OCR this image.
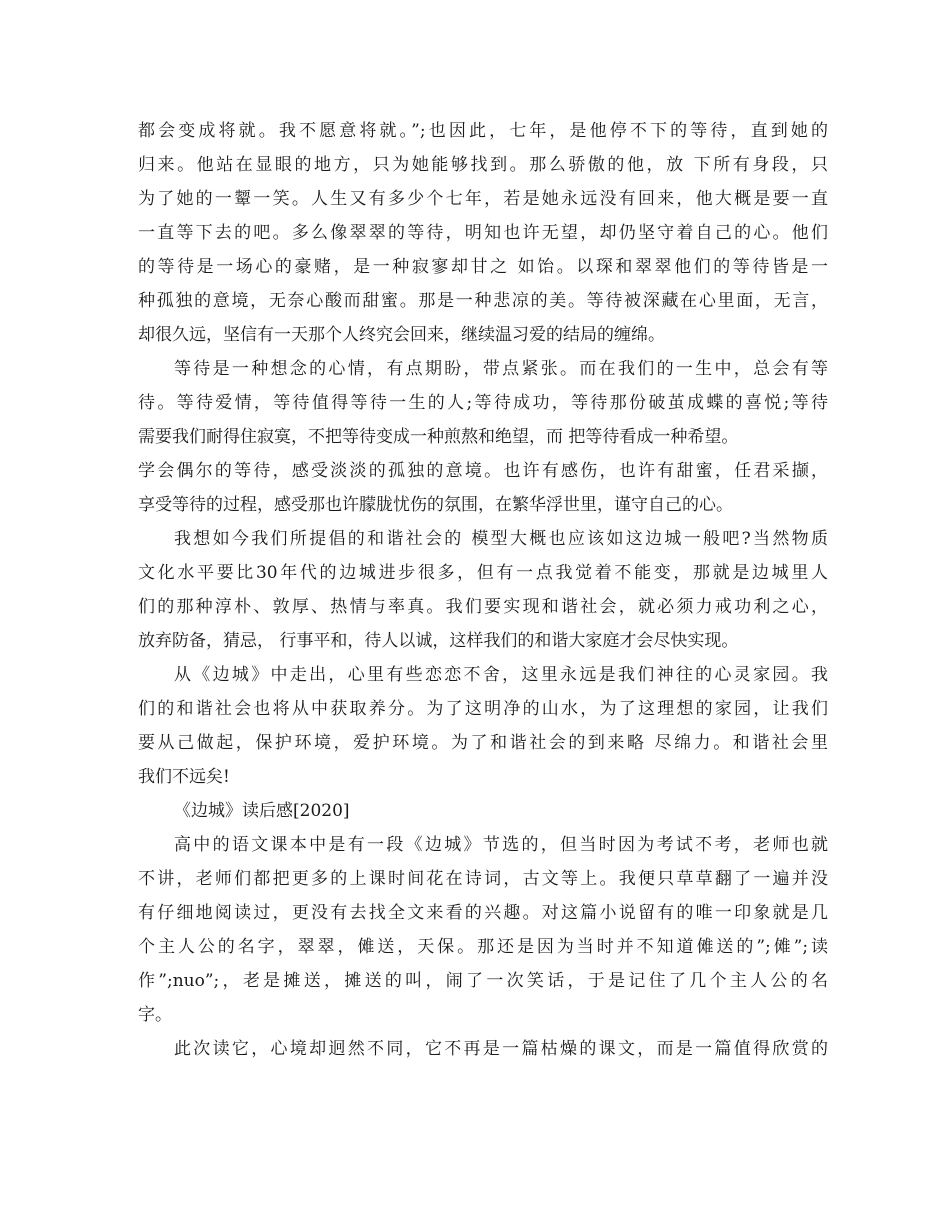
都会变成将就。我不愿意将就。”;也因此，七年，是他停不下的等待，直到她的
归来。他站在显眼的地方，只为她能够找到。那么骄傲的他，放 下所有身段，只
为了她的一颦一笑。人生又有多少个七年，若是她永远没有回来，他大概是要一直
一直等下去的吧。多么像翠翠的等待，明知也许无望，却仍坚守着自己的心。他们
的等待是一场心的豪赌，是一种寂寥却甘之 如饴。以琛和翠翠他们的等待皆是一
种孤独的意境，无奈心酸而甜蜜。那是一种悲凉的美。等待被深藏在心里面，无言，
却很久远，坚信有一天那个人终究会回来，继续温习爱的结局的缠绵。
等待是一种想念的心情，有点期盼，带点紧张。而在我们的一生中，总会有等
待。等待爱情，等待值得等待一生的人;等待成功，等待那份破茧成蝶的喜悦;等待
需要我们耐得住寂寞，不把等待变成一种煎熬和绝望，而 把等待看成一种希望。
学会偶尔的等待，感受淡淡的孤独的意境。也许有感伤，也许有甜蜜，任君采撷，
享受等待的过程，感受那也许朦胧忧伤的氛围，在繁华浮世里，谨守自己的心。
我想如今我们所提倡的和谐社会的 模型大概也应该如这边城一般吧?当然物质
文化水平要比30年代的边城进步很多，但有一点我觉着不能变，那就是边城里人
们的那种淳朴、敦厚、热情与率真。我们要实现和谐社会，就必须力戒功利之心，
放弃防备，猜忌， 行事平和，待人以诚，这样我们的和谐大家庭才会尽快实现。
从《边城》中走出，心里有些恋恋不舍，这里永远是我们神往的心灵家园。我
们的和谐社会也将从中获取养分。为了这明净的山水，为了这理想的家园，让我们
要从己做起，保护环境，爱护环境。为了和谐社会的到来略 尽绵力。和谐社会里
我们不远矣!
《边城》读后感[2020]
高中的语文课本中是有一段《边城》节选的，但当时因为考试不考，老师也就
不讲，老师们都把更多的上课时间花在诗词，古文等上。我便只草草翻了一遍并没
有仔细地阅读过，更没有去找全文来看的兴趣。对这篇小说留有的唯一印象就是几
个主人公的名字，翠翠，傩送，天保。那还是因为当时并不知道傩送的”;傩”;读
作”;nuo”;，老是摊送，摊送的叫，闹了一次笑话，于是记住了几个主人公的名
字。
此次读它，心境却迥然不同，它不再是一篇枯燥的课文，而是一篇值得欣赏的
